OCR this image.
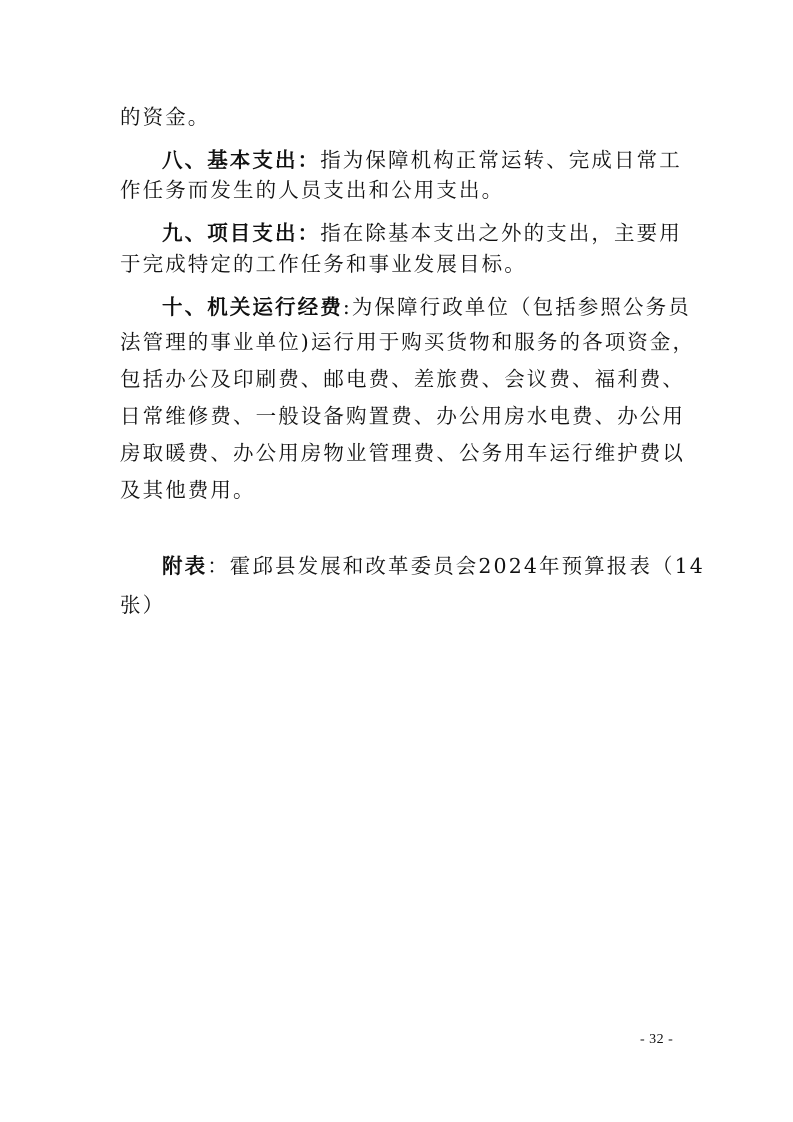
的资金。
八、基本支出：指为保障机构正常运转、完成日常工
作任务而发生的人员支出和公用支出。
九、项目支出：指在除基本支出之外的支出，主要用
于完成特定的工作任务和事业发展目标。
十、机关运行经费:为保障行政单位（包括参照公务员
法管理的事业单位)运行用于购买货物和服务的各项资金，
包括办公及印刷费、邮电费、差旅费、会议费、福利费、
日常维修费、一般设备购置费、办公用房水电费、办公用
房取暖费、办公用房物业管理费、公务用车运行维护费以
及其他费用。
附表：霍邱县发展和改革委员会2024年预算报表（14
张）
- 32 -
